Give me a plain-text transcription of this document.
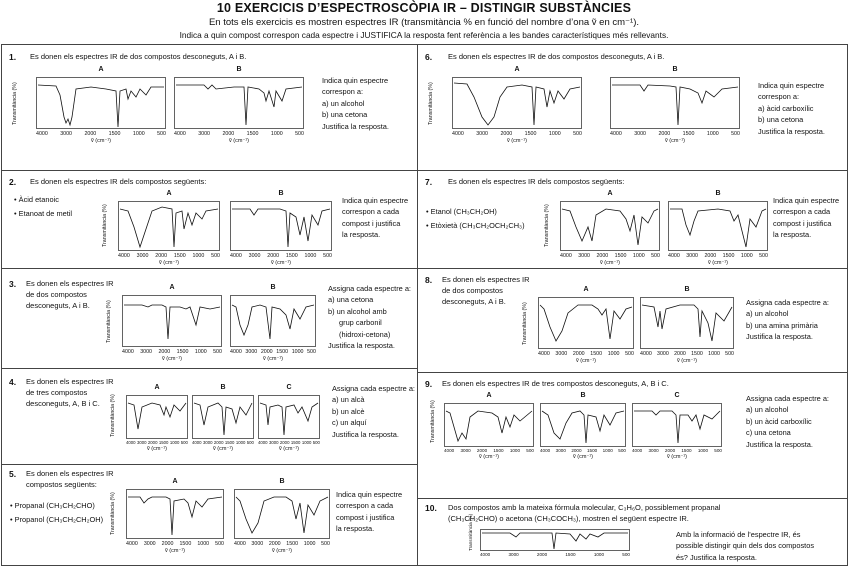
10 EXERCICIS D’ESPECTROSCÒPIA IR – DISTINGIR SUBSTÀNCIES
En tots els exercicis es mostren espectres IR (transmitància % en funció del nombre d’ona ṽ en cm⁻¹).
Indica a quin compost correspon cada espectre i JUSTIFICA la resposta fent referència a les bandes característiques més rellevants.
1. Es donen els espectres IR de dos compostos desconeguts, A i B.
A
4000 3000 2000 1500 1000 500
ṽ (cm⁻¹)
Transmitància (%)
B
4000 3000 2000 1500 1000 500
ṽ (cm⁻¹)
Indica quin espectre
correspon a:
a) un alcohol
b) una cetona
Justifica la resposta.
6. Es donen els espectres IR de dos compostos desconeguts, A i B.
A
4000 3000 2000 1500 1000 500
ṽ (cm⁻¹)
Transmitància (%)
B
4000 3000 2000 1500 1000 500
ṽ (cm⁻¹)
Indica quin espectre
correspon a:
a) àcid carboxílic
b) una cetona
Justifica la resposta.
2. Es donen els espectres IR dels compostos següents:
• Àcid etanoic
• Etanoat de metil
A
4000 3000 2000 1500 1000 500
ṽ (cm⁻¹)
Transmitància (%)
B
4000 3000 2000 1500 1000 500
ṽ (cm⁻¹)
Indica quin espectre
correspon a cada
compost i justifica
la resposta.
7. Es donen els espectres IR dels compostos següents:
• Etanol (CH₃CH₂OH)
• Etòxietà (CH₃CH₂OCH₂CH₃)
A
4000 3000 2000 1500 1000 500
ṽ (cm⁻¹)
Transmitància (%)
B
4000 3000 2000 1500 1000 500
ṽ (cm⁻¹)
Indica quin espectre
correspon a cada
compost i justifica
la resposta.
3. Es donen els espectres IR
de dos compostos
desconeguts, A i B.
A
4000 3000 2000 1500 1000 500
ṽ (cm⁻¹)
Transmitància (%)
B
4000 3000 2000 1500 1000 500
ṽ (cm⁻¹)
Assigna cada espectre a:
a) una cetona
b) un alcohol amb
grup carbonil
(hidroxi-cetona)
Justifica la resposta.
8. Es donen els espectres IR
de dos compostos
desconeguts, A i B.
A
4000 3000 2000 1500 1000 500
ṽ (cm⁻¹)
Transmitància (%)
B
4000 3000 2000 1500 1000 500
ṽ (cm⁻¹)
Assigna cada espectre a:
a) un alcohol
b) una amina primària
Justifica la resposta.
4. Es donen els espectres IR
de tres compostos
desconeguts, A, B i C.
A
4000 3000 2000 1500 1000 500
ṽ (cm⁻¹)
Transmitància (%)
B
4000 3000 2000 1500 1000 500
ṽ (cm⁻¹)
C
4000 3000 2000 1500 1000 500
ṽ (cm⁻¹)
Assigna cada espectre a:
a) un alcà
b) un alcè
c) un alquí
Justifica la resposta.
9. Es donen els espectres IR de tres compostos desconeguts, A, B i C.
A
4000 3000 2000 1500 1000 500
ṽ (cm⁻¹)
Transmitància (%)
B
4000 3000 2000 1500 1000 500
ṽ (cm⁻¹)
C
4000 3000 2000 1500 1000 500
ṽ (cm⁻¹)
Assigna cada espectre a:
a) un alcohol
b) un àcid carboxílic
c) una cetona
Justifica la resposta.
5. Es donen els espectres IR
compostos següents:
• Propanal (CH₃CH₂CHO)
• Propanol (CH₃CH₂CH₂OH)
A
4000 3000 2000 1500 1000 500
ṽ (cm⁻¹)
Transmitància (%)
B
4000 3000 2000 1500 1000 500
ṽ (cm⁻¹)
Indica quin espectre
correspon a cada
compost i justifica
la resposta.
10. Dos compostos amb la mateixa fórmula molecular, C₃H₆O, possiblement propanal
(CH₃CH₂CHO) o acetona (CH₃COCH₃), mostren el següent espectre IR.
4000	3000	2000	1500	1000	500
Transmitància (%)	Amb la informació de l’espectre IR, és
possible distingir quin dels dos compostos
és? Justifica la resposta.
